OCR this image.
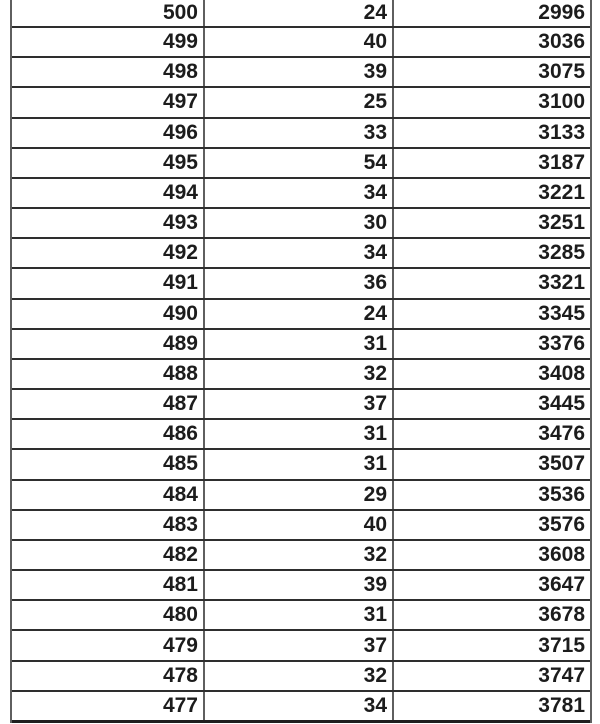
500	24	2996
499	40	3036
498	39	3075
497	25	3100
496	33	3133
495	54	3187
494	34	3221
493	30	3251
492	34	3285
491	36	3321
490	24	3345
489	31	3376
488	32	3408
487	37	3445
486	31	3476
485	31	3507
484	29	3536
483	40	3576
482	32	3608
481	39	3647
480	31	3678
479	37	3715
478	32	3747
477	34	3781
